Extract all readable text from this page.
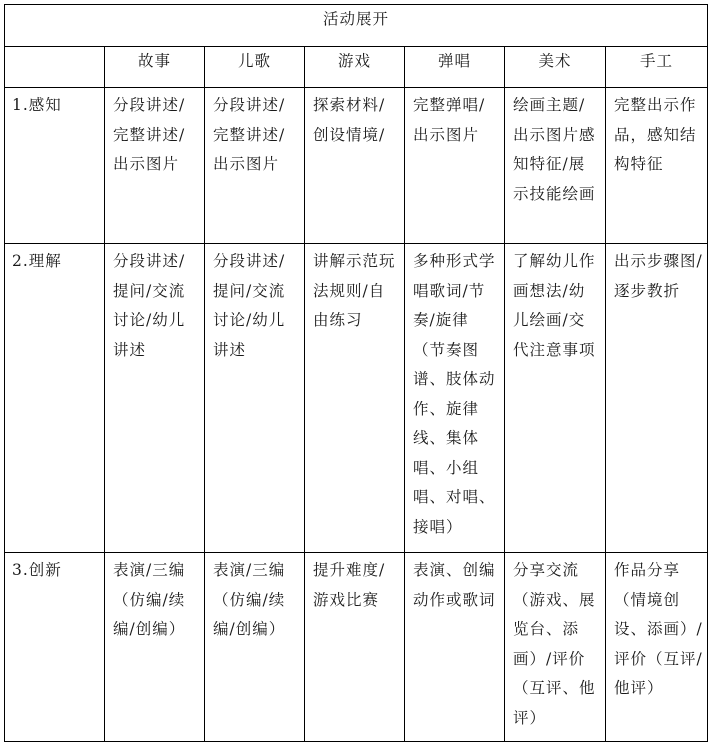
活动展开						
	故事	儿歌	游戏	弹唱	美术	手工

1.感知	分段讲述/完整讲述/出示图片	分段讲述/完整讲述/出示图片	探索材料/创设情境/	完整弹唱/出示图片	绘画主题/出示图片感知特征/展示技能绘画	完整出示作品，感知结构特征

2.理解	分段讲述/提问/交流讨论/幼儿讲述	分段讲述/提问/交流讨论/幼儿讲述	讲解示范玩法规则/自由练习	多种形式学唱歌词/节奏/旋律（节奏图谱、肢体动作、旋律线、集体唱、小组唱、对唱、接唱）	了解幼儿作画想法/幼儿绘画/交代注意事项	出示步骤图/逐步教折

3.创新	表演/三编（仿编/续编/创编）	表演/三编（仿编/续编/创编）	提升难度/游戏比赛	表演、创编动作或歌词	分享交流（游戏、展览台、添画）/评价（互评、他评）	作品分享（情境创设、添画）/评价（互评/他评）
